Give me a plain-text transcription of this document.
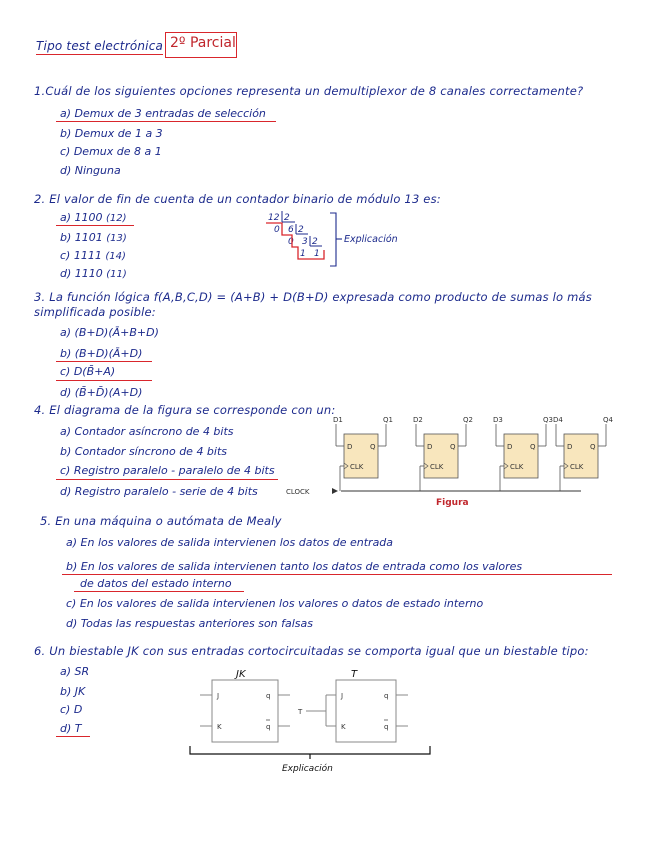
Tipo test electrónica 2º Parcial
1.Cuál de los siguientes opciones representa un demultiplexor de 8 canales correctamente?
a) Demux de 3 entradas de selección
b) Demux de 1 a 3
c) Demux de 8 a 1
d) Ninguna
2. El valor de fin de cuenta de un contador binario de módulo 13 es:
a) 1100 (12)
b) 1101 (13)
c) 1111 (14)
d) 1110 (11)
12 2
0 6 2
0 3 2
1 1
Explicación
3. La función lógica f(A,B,C,D) = (A+B) + D(B+D) expresada como producto de sumas lo más
simplificada posible:
a) (B+D)(Ā+B+D)
b) (B+D)(Ā+D)
c) D(B̄+A)
d) (B̄+D̄)(A+D)
4. El diagrama de la figura se corresponde con un:
a) Contador asíncrono de 4 bits
b) Contador síncrono de 4 bits
c) Registro paralelo - paralelo de 4 bits
d) Registro paralelo - serie de 4 bits
D	Q
CLK
D1	Q1
D	Q
CLK
D2	Q2
D	Q
CLK
D3	Q3
D	Q
CLK
D4	Q4
CLOCK
Figura
5. En una máquina o autómata de Mealy
a) En los valores de salida intervienen los datos de entrada
b) En los valores de salida intervienen tanto los datos de entrada como los valores
de datos del estado interno
c) En los valores de salida intervienen los valores o datos de estado interno
d) Todas las respuestas anteriores son falsas
6. Un biestable JK con sus entradas cortocircuitadas se comporta igual que un biestable tipo:
a) SR
b) JK
c) D
d) T
JK	T
J
K
q
q
T
J
K
q
q
Explicación
